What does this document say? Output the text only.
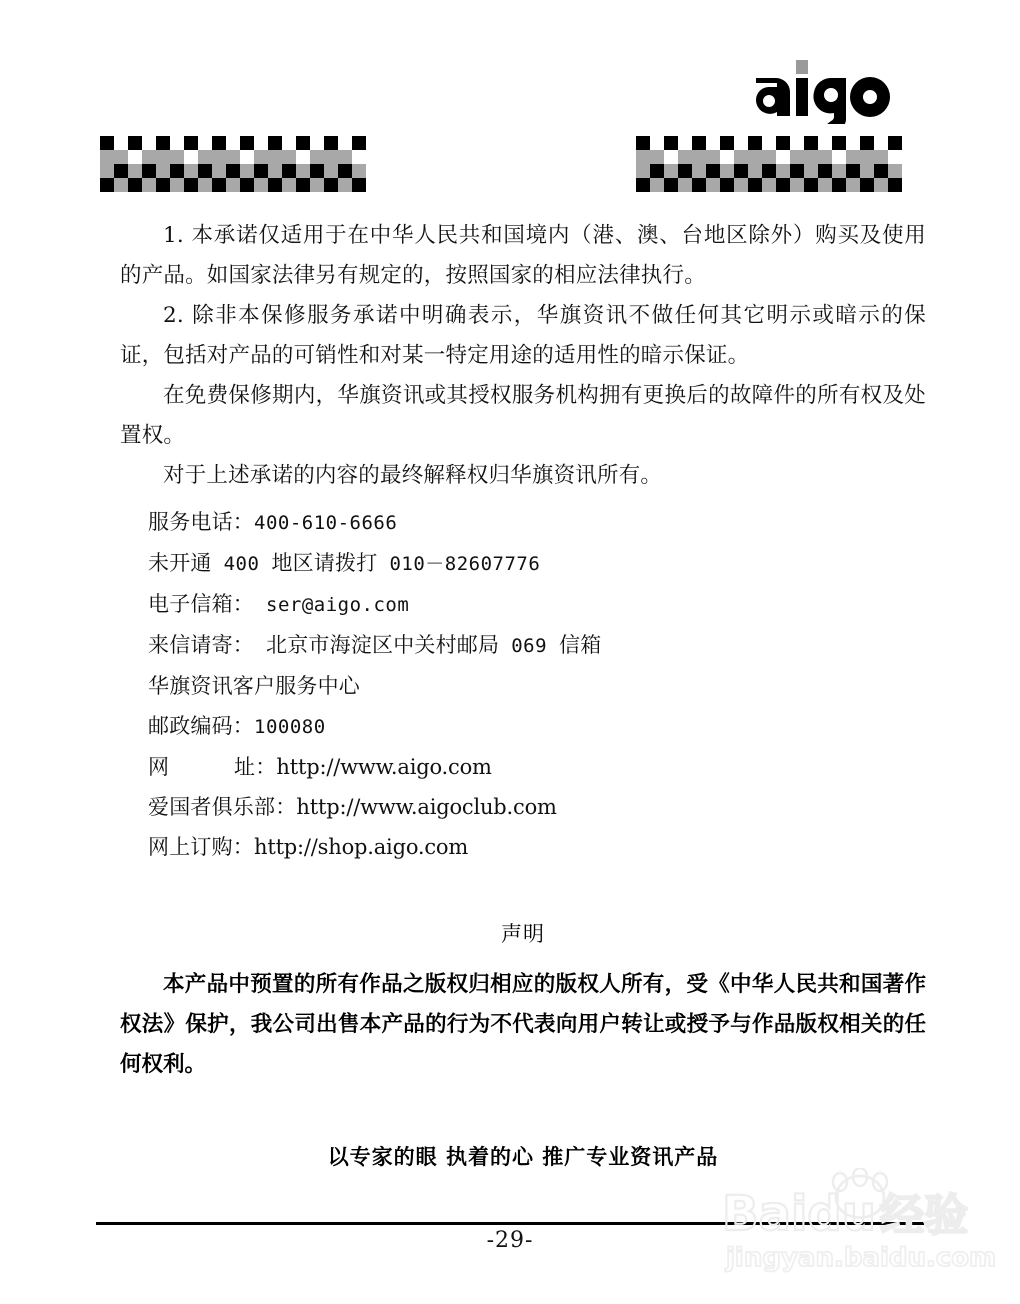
1. 本承诺仅适用于在中华人民共和国境内（港、澳、台地区除外）购买及使用的产品。如国家法律另有规定的，按照国家的相应法律执行。

2. 除非本保修服务承诺中明确表示，华旗资讯不做任何其它明示或暗示的保证，包括对产品的可销性和对某一特定用途的适用性的暗示保证。

在免费保修期内，华旗资讯或其授权服务机构拥有更换后的故障件的所有权及处置权。

对于上述承诺的内容的最终解释权归华旗资讯所有。

服务电话：400-610-6666
未开通 400 地区请拨打 010－82607776
电子信箱： ser@aigo.com
来信请寄： 北京市海淀区中关村邮局 069 信箱
华旗资讯客户服务中心
邮政编码：100080
网	址：http://www.aigo.com
爱国者俱乐部：http://www.aigoclub.com
网上订购：http://shop.aigo.com
声明
本产品中预置的所有作品之版权归相应的版权人所有，受《中华人民共和国著作权法》保护，我公司出售本产品的行为不代表向用户转让或授予与作品版权相关的任何权利。
以专家的眼 执着的心 推广专业资讯产品
-29-	Baidu 经验
jingyan.baidu.com
